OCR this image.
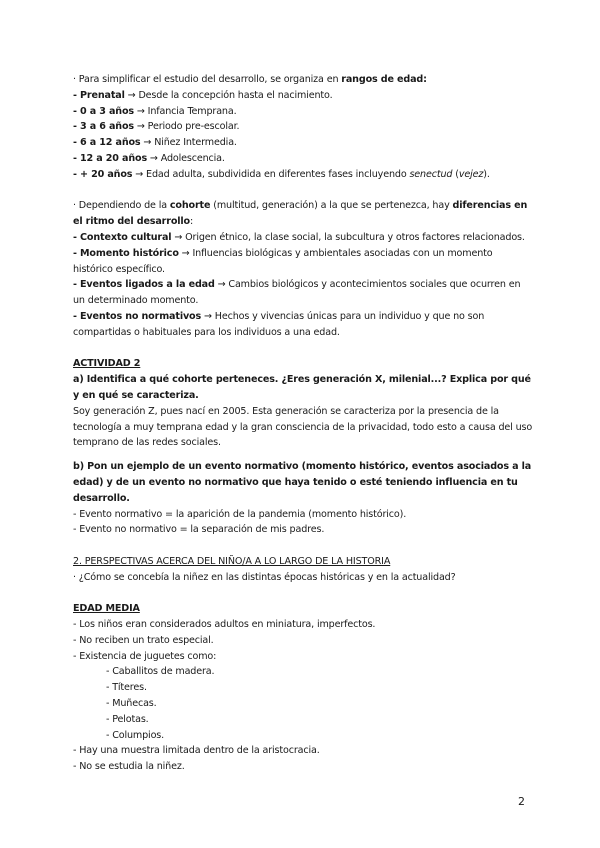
· Para simplificar el estudio del desarrollo, se organiza en rangos de edad:
- Prenatal → Desde la concepción hasta el nacimiento.
- 0 a 3 años → Infancia Temprana.
- 3 a 6 años → Periodo pre-escolar.
- 6 a 12 años → Niñez Intermedia.
- 12 a 20 años → Adolescencia.
- + 20 años → Edad adulta, subdividida en diferentes fases incluyendo senectud (vejez).
· Dependiendo de la cohorte (multitud, generación) a la que se pertenezca, hay diferencias en el ritmo del desarrollo:
- Contexto cultural → Origen étnico, la clase social, la subcultura y otros factores relacionados.
- Momento histórico → Influencias biológicas y ambientales asociadas con un momento histórico específico.
- Eventos ligados a la edad → Cambios biológicos y acontecimientos sociales que ocurren en un determinado momento.
- Eventos no normativos → Hechos y vivencias únicas para un individuo y que no son compartidas o habituales para los individuos a una edad.
ACTIVIDAD 2
a) Identifica a qué cohorte perteneces. ¿Eres generación X, milenial...? Explica por qué y en qué se caracteriza.
Soy generación Z, pues nací en 2005. Esta generación se caracteriza por la presencia de la tecnología a muy temprana edad y la gran consciencia de la privacidad, todo esto a causa del uso temprano de las redes sociales.
b) Pon un ejemplo de un evento normativo (momento histórico, eventos asociados a la edad) y de un evento no normativo que haya tenido o esté teniendo influencia en tu desarrollo.
- Evento normativo = la aparición de la pandemia (momento histórico).
- Evento no normativo = la separación de mis padres.
2. PERSPECTIVAS ACERCA DEL NIÑO/A A LO LARGO DE LA HISTORIA
· ¿Cómo se concebía la niñez en las distintas épocas históricas y en la actualidad?
EDAD MEDIA
- Los niños eran considerados adultos en miniatura, imperfectos.
- No reciben un trato especial.
- Existencia de juguetes como:
- Caballitos de madera.
- Títeres.
- Muñecas.
- Pelotas.
- Columpios.
- Hay una muestra limitada dentro de la aristocracia.
- No se estudia la niñez.
2
